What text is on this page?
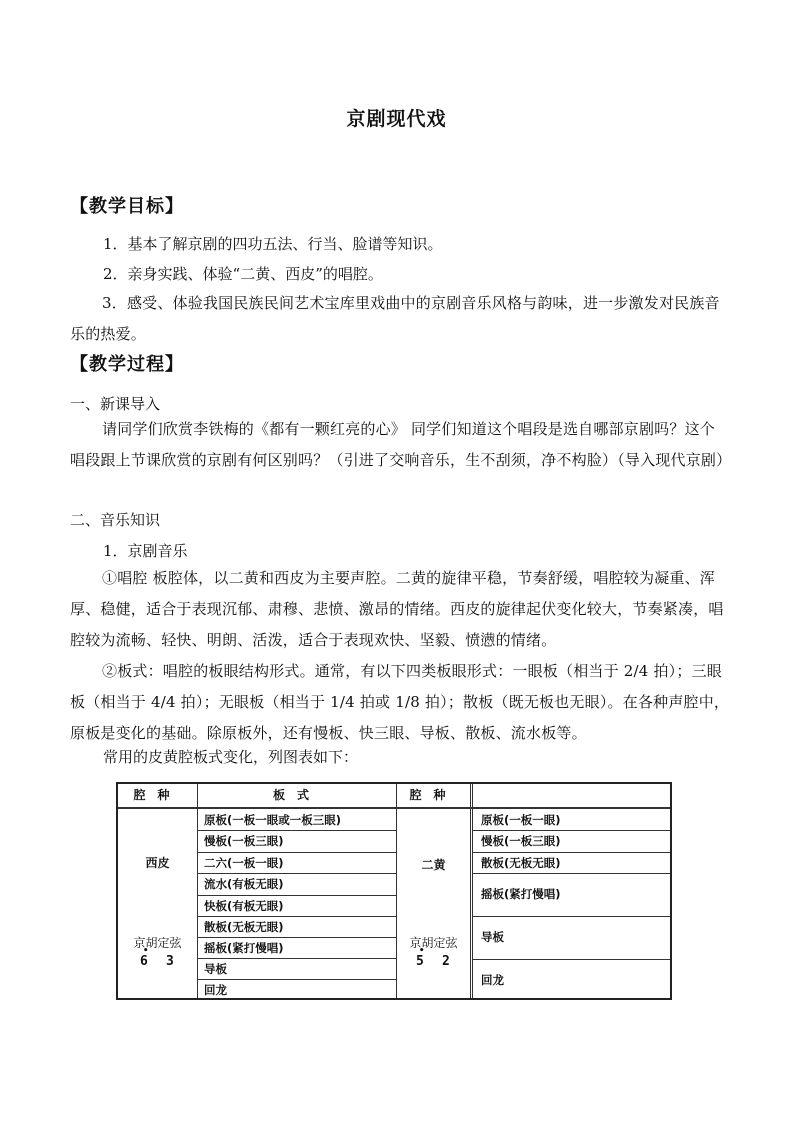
京剧现代戏
【教学目标】
1．基本了解京剧的四功五法、行当、脸谱等知识。
2．亲身实践、体验“二黄、西皮”的唱腔。
3．感受、体验我国民族民间艺术宝库里戏曲中的京剧音乐风格与韵味，进一步激发对民族音乐的热爱。
【教学过程】
一、新课导入
请同学们欣赏李铁梅的《都有一颗红亮的心》 同学们知道这个唱段是选自哪部京剧吗？这个唱段跟上节课欣赏的京剧有何区别吗？（引进了交响音乐，生不刮须，净不构脸）（导入现代京剧）
二、音乐知识
1．京剧音乐
①唱腔 板腔体，以二黄和西皮为主要声腔。二黄的旋律平稳，节奏舒缓，唱腔较为凝重、浑厚、稳健，适合于表现沉郁、肃穆、悲愤、激昂的情绪。西皮的旋律起伏变化较大，节奏紧凑，唱腔较为流畅、轻快、明朗、活泼，适合于表现欢快、坚毅、愤懑的情绪。
②板式：唱腔的板眼结构形式。通常，有以下四类板眼形式：一眼板（相当于 2/4 拍）；三眼板（相当于 4/4 拍）；无眼板（相当于 1/4 拍或 1/8 拍）；散板（既无板也无眼）。在各种声腔中，原板是变化的基础。除原板外，还有慢板、快三眼、导板、散板、流水板等。
常用的皮黄腔板式变化，列图表如下：
腔种	板式	腔种
西皮
京胡定弦
• 6 3
原板(一板一眼或一板三眼)
慢板(一板三眼)
二六(一板一眼)
流水(有板无眼)
快板(有板无眼)
散板(无板无眼)
摇板(紧打慢唱)
导板
回龙
二黄
京胡定弦
• 5 2
原板(一板一眼)
慢板(一板三眼)
散板(无板无眼)
摇板(紧打慢唱)
导板
回龙
